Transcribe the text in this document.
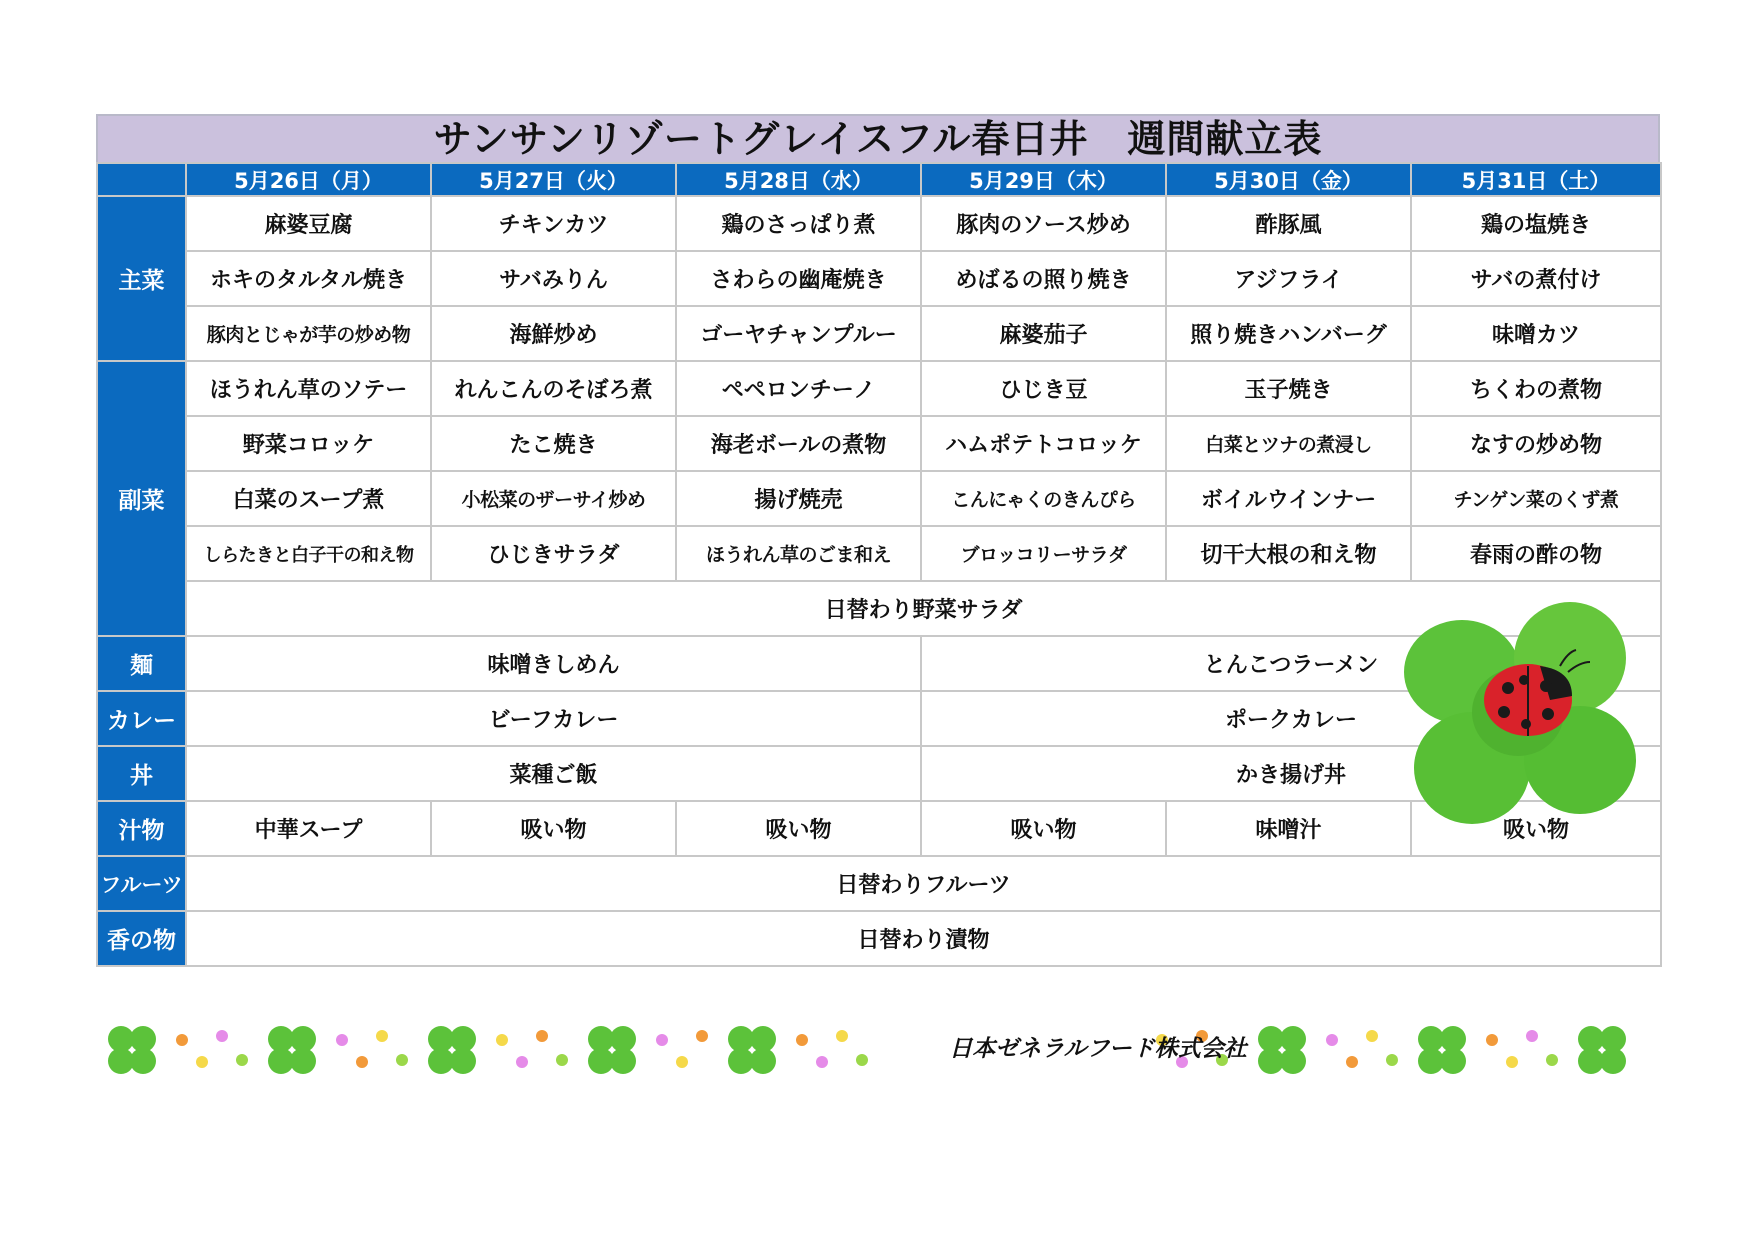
サンサンリゾートグレイスフル春日井　週間献立表
	5月26日（月）	5月27日（火）	5月28日（水）	5月29日（木）	5月30日（金）	5月31日（土）
主菜	麻婆豆腐	チキンカツ	鶏のさっぱり煮	豚肉のソース炒め	酢豚風	鶏の塩焼き
	ホキのタルタル焼き	サバみりん	さわらの幽庵焼き	めばるの照り焼き	アジフライ	サバの煮付け
	豚肉とじゃが芋の炒め物	海鮮炒め	ゴーヤチャンプルー	麻婆茄子	照り焼きハンバーグ	味噌カツ
副菜	ほうれん草のソテー	れんこんのそぼろ煮	ペペロンチーノ	ひじき豆	玉子焼き	ちくわの煮物
	野菜コロッケ	たこ焼き	海老ボールの煮物	ハムポテトコロッケ	白菜とツナの煮浸し	なすの炒め物
	白菜のスープ煮	小松菜のザーサイ炒め	揚げ焼売	こんにゃくのきんぴら	ボイルウインナー	チンゲン菜のくず煮
	しらたきと白子干の和え物	ひじきサラダ	ほうれん草のごま和え	ブロッコリーサラダ	切干大根の和え物	春雨の酢の物
	日替わり野菜サラダ					
麺	味噌きしめん			とんこつラーメン		
カレー	ビーフカレー			ポークカレー		
丼	菜種ご飯			かき揚げ丼		
汁物	中華スープ	吸い物	吸い物	吸い物	味噌汁	吸い物
フルーツ	日替わりフルーツ					
香の物	日替わり漬物					
日本ゼネラルフード株式会社
